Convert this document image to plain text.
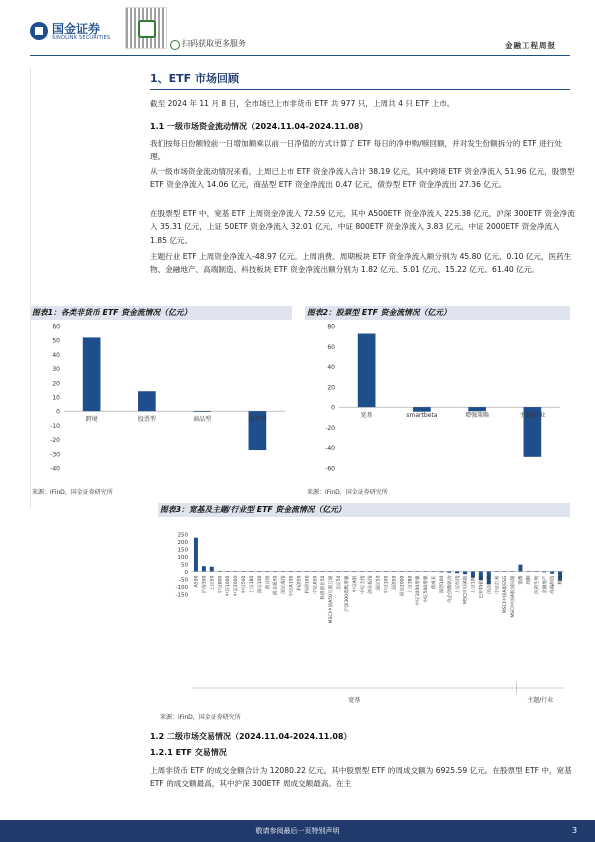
国金证券
SINOLINK SECURITIES
扫码获取更多服务	金融工程周报
1、ETF 市场回顾
截至 2024 年 11 月 8 日，全市场已上市非货币 ETF 共 977 只，上周共 4 只 ETF 上市。
1.1 一级市场资金流动情况（2024.11.04-2024.11.08）
我们按每日份额较前一日增加额乘以前一日净值的方式计算了 ETF 每日的净申购/赎回额，并对发生份额拆分的 ETF 进行处理。
从一级市场资金流动情况来看，上周已上市 ETF 资金净流入合计 38.19 亿元，其中跨境 ETF 资金净流入 51.96 亿元，股票型 ETF 资金净流入 14.06 亿元，商品型 ETF 资金净流出 0.47 亿元，债券型 ETF 资金净流出 27.36 亿元。
在股票型 ETF 中，宽基 ETF 上周资金净流入 72.59 亿元，其中 A500ETF 资金净流入 225.38 亿元，沪深 300ETF 资金净流入 35.31 亿元，上证 50ETF 资金净流入 32.01 亿元，中证 800ETF 资金净流入 3.83 亿元，中证 2000ETF 资金净流入 1.85 亿元。
主题行业 ETF 上周资金净流入-48.97 亿元。上周消费、周期板块 ETF 资金净流入额分别为 45.80 亿元、0.10 亿元，医药生物、金融地产、高端制造、科技板块 ETF 资金净流出额分别为 1.82 亿元、5.01 亿元、15.22 亿元、61.40 亿元。
图表1：各类非货币 ETF 资金流情况（亿元）
60
50
40
30
20
10
0
-10
-20
-30
-40
跨境	股票型	商品型	债券型
来源：iFinD，国金证券研究所
图表2：股票型 ETF 资金流情况（亿元）
80
60
40
20
0
-20
-40
-60
宽基	smartbeta	增强策略	主题/行业
来源：iFinD，国金证券研究所
图表3：宽基及主题/行业型 ETF 资金流情况（亿元）
250
200
150
100
50
0
-50
-100
-150
A500 沪深300 上证50 中证800 中证1000 中证2000 中证500 上证180 深证100 创业板 创业板50 深证成指 中证A100 科创50 科创100 中证A50 科创创业50 MSCI中国A50互联互通 北证50 沪深300指数增强 中证A股 中证全指 创业板指 深证50 中证100 双创50 国证2000 上证380 中证1000增强 中证500增强 创成长 深创100 央企创新驱动 上证综指 MSCI中国A股 上证100 巴菲特价值 国企红利 中证红利 MSCI中国A股ESG MSCI中国A股国际通 消费 周期 医药生物 金融地产 高端制造 科技
宽基	主题/行业
来源：iFinD，国金证券研究所
1.2 二级市场交易情况（2024.11.04-2024.11.08）
1.2.1 ETF 交易情况
上周非货币 ETF 的成交金额合计为 12080.22 亿元。其中股票型 ETF 的周成交额为 6925.59 亿元。在股票型 ETF 中，宽基 ETF 的成交额最高，其中沪深 300ETF 周成交额最高。在主
敬请参阅最后一页特别声明	3
